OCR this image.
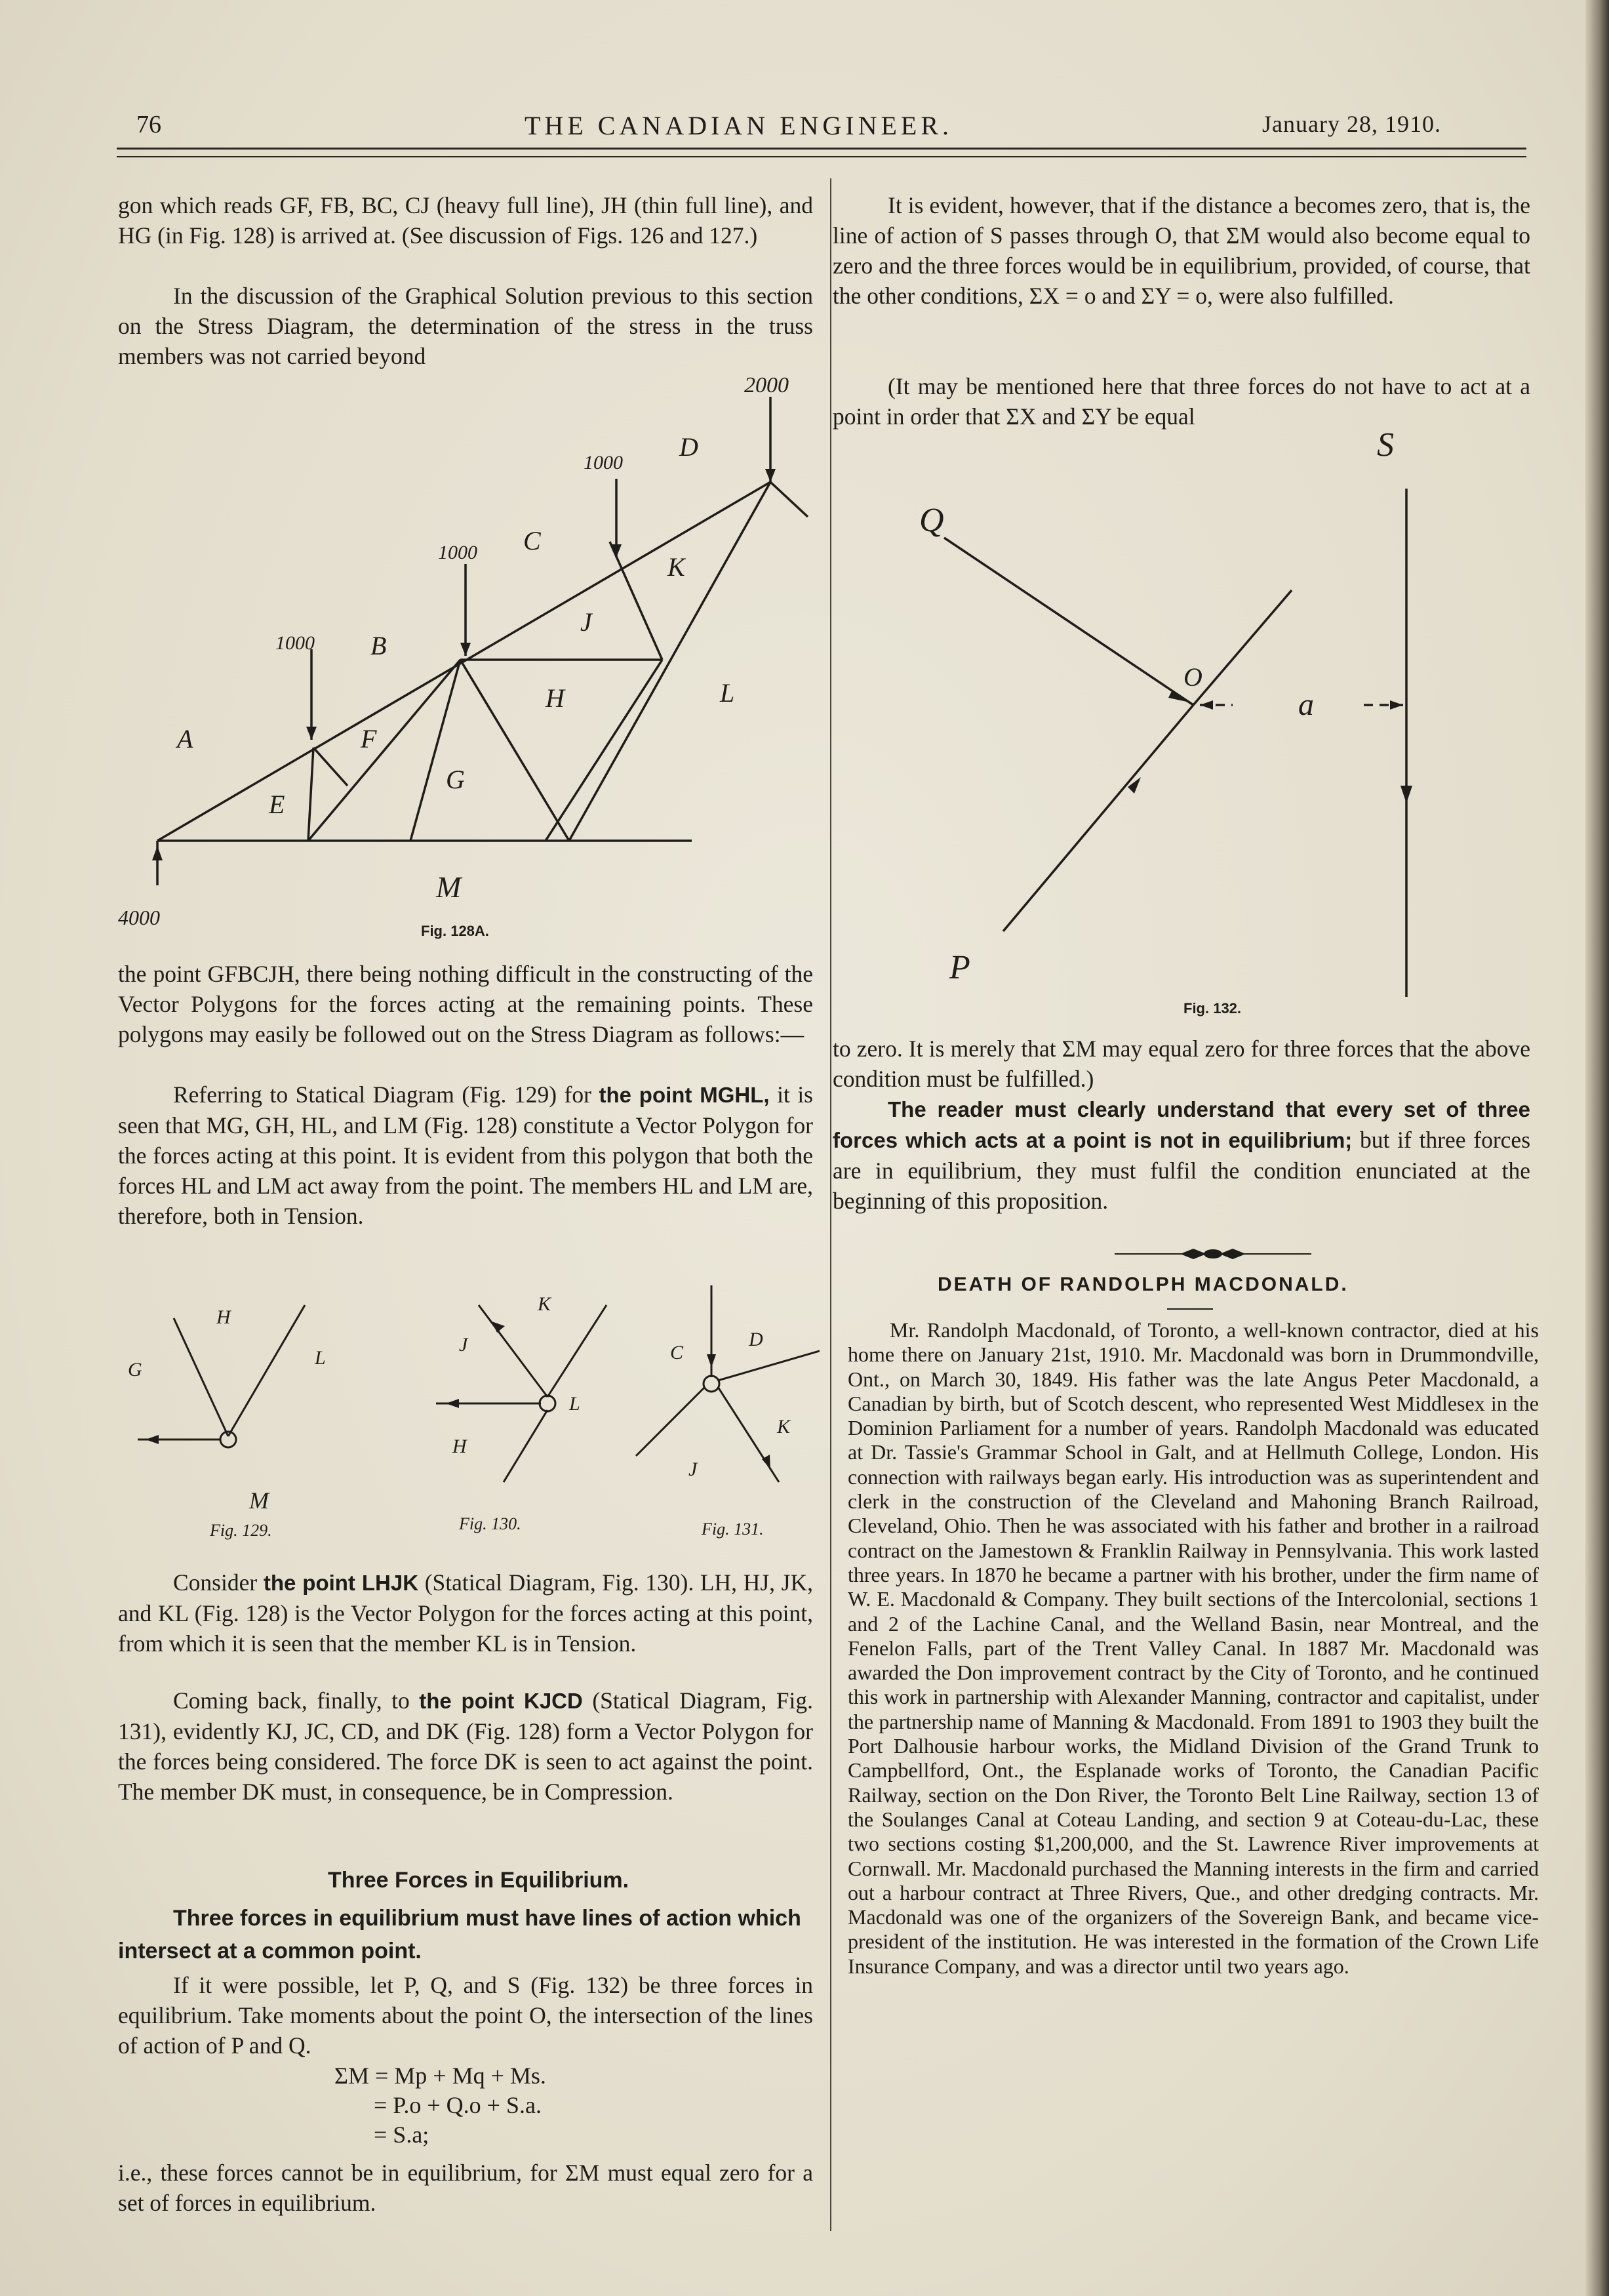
76	THE CANADIAN ENGINEER.	January 28, 1910.
gon which reads GF, FB, BC, CJ (heavy full line), JH (thin full line), and HG (in Fig. 128) is arrived at. (See discussion of Figs. 126 and 127.)
In the discussion of the Graphical Solution previous to this section on the Stress Diagram, the determination of the stress in the truss members was not carried beyond
2000
1000
1000
1000
4000
A
B
C
D
E
F
G
H
J
K
L
M
Fig. 128A.
the point GFBCJH, there being nothing difficult in the constructing of the Vector Polygons for the forces acting at the remaining points. These polygons may easily be followed out on the Stress Diagram as follows:—
Referring to Statical Diagram (Fig. 129) for the point MGHL, it is seen that MG, GH, HL, and LM (Fig. 128) constitute a Vector Polygon for the forces acting at this point. It is evident from this polygon that both the forces HL and LM act away from the point. The members HL and LM are, therefore, both in Tension.
G
H
L
M
K
J
L
H
C
D
K
J
Fig. 129.	Fig. 130.	Fig. 131.
Consider the point LHJK (Statical Diagram, Fig. 130). LH, HJ, JK, and KL (Fig. 128) is the Vector Polygon for the forces acting at this point, from which it is seen that the member KL is in Tension.
Coming back, finally, to the point KJCD (Statical Diagram, Fig. 131), evidently KJ, JC, CD, and DK (Fig. 128) form a Vector Polygon for the forces being considered. The force DK is seen to act against the point. The member DK must, in consequence, be in Compression.
Three Forces in Equilibrium.
Three forces in equilibrium must have lines of action which intersect at a common point.
If it were possible, let P, Q, and S (Fig. 132) be three forces in equilibrium. Take moments about the point O, the intersection of the lines of action of P and Q.
ΣM = Mp + Mq + Ms.
= P.o + Q.o + S.a.
= S.a;
i.e., these forces cannot be in equilibrium, for ΣM must equal zero for a set of forces in equilibrium.
It is evident, however, that if the distance a becomes zero, that is, the line of action of S passes through O, that ΣM would also become equal to zero and the three forces would be in equilibrium, provided, of course, that the other conditions, ΣX = o and ΣY = o, were also fulfilled.
(It may be mentioned here that three forces do not have to act at a point in order that ΣX and ΣY be equal
S
Q
O
a
P
Fig. 132.
to zero. It is merely that ΣM may equal zero for three forces that the above condition must be fulfilled.)
The reader must clearly understand that every set of three forces which acts at a point is not in equilibrium; but if three forces are in equilibrium, they must fulfil the condition enunciated at the beginning of this proposition.
DEATH OF RANDOLPH MACDONALD.
Mr. Randolph Macdonald, of Toronto, a well-known contractor, died at his home there on January 21st, 1910. Mr. Macdonald was born in Drummondville, Ont., on March 30, 1849. His father was the late Angus Peter Macdonald, a Canadian by birth, but of Scotch descent, who represented West Middlesex in the Dominion Parliament for a number of years. Randolph Macdonald was educated at Dr. Tassie's Grammar School in Galt, and at Hellmuth College, London. His connection with railways began early. His introduction was as superintendent and clerk in the construction of the Cleveland and Mahoning Branch Railroad, Cleveland, Ohio. Then he was associated with his father and brother in a railroad contract on the Jamestown & Franklin Railway in Pennsylvania. This work lasted three years. In 1870 he became a partner with his brother, under the firm name of W. E. Macdonald & Company. They built sections of the Intercolonial, sections 1 and 2 of the Lachine Canal, and the Welland Basin, near Montreal, and the Fenelon Falls, part of the Trent Valley Canal. In 1887 Mr. Macdonald was awarded the Don improvement contract by the City of Toronto, and he continued this work in partnership with Alexander Manning, contractor and capitalist, under the partnership name of Manning & Macdonald. From 1891 to 1903 they built the Port Dalhousie harbour works, the Midland Division of the Grand Trunk to Campbellford, Ont., the Esplanade works of Toronto, the Canadian Pacific Railway, section on the Don River, the Toronto Belt Line Railway, section 13 of the Soulanges Canal at Coteau Landing, and section 9 at Coteau-du-Lac, these two sections costing $1,200,000, and the St. Lawrence River improvements at Cornwall. Mr. Macdonald purchased the Manning interests in the firm and carried out a harbour contract at Three Rivers, Que., and other dredging contracts. Mr. Macdonald was one of the organizers of the Sovereign Bank, and became vice-president of the institution. He was interested in the formation of the Crown Life Insurance Company, and was a director until two years ago.
